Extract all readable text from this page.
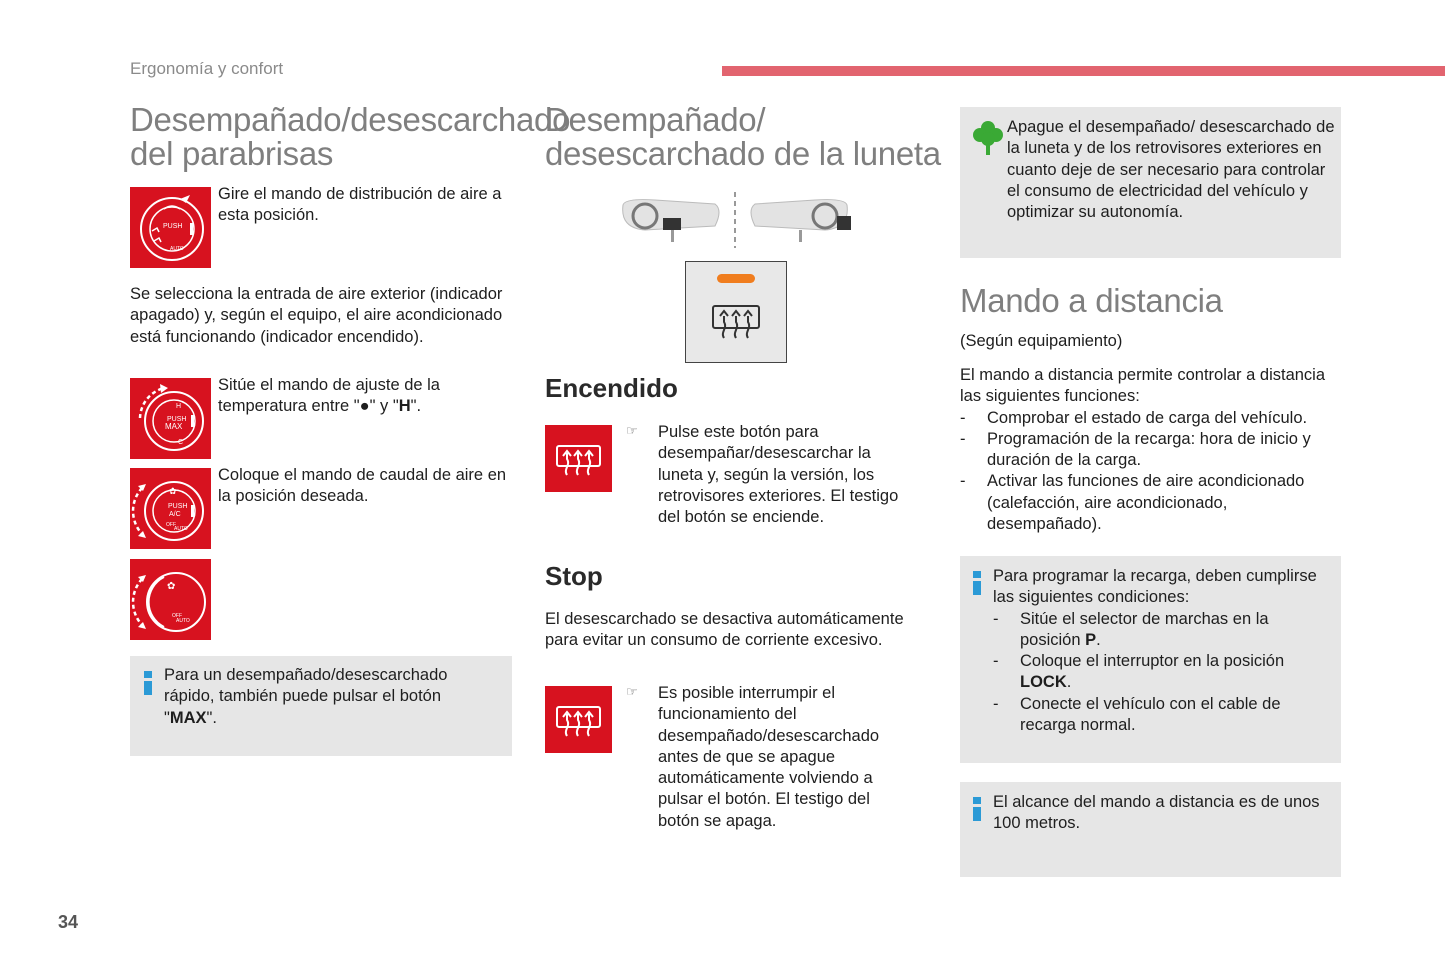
Ergonomía y confort
Desempañado/desescarchado
del parabrisas
PUSH
AUTO
Gire el mando de distribución de aire a esta posición.
Se selecciona la entrada de aire exterior (indicador apagado) y, según el equipo, el aire acondicionado está funcionando (indicador encendido).
H
PUSH
MAX
C
Sitúe el mando de ajuste de la temperatura entre "●" y "H".
✿
PUSH
A/C
OFF
AUTO
Coloque el mando de caudal de aire en la posición deseada.
✿
OFF
AUTO
Para un desempañado/desescarchado rápido, también puede pulsar el botón "MAX".
Desempañado/
desescarchado de la luneta
Encendido
☞ Pulse este botón para desempañar/desescarchar la luneta y, según la versión, los retrovisores exteriores. El testigo del botón se enciende.
Stop
El desescarchado se desactiva automáticamente para evitar un consumo de corriente excesivo.
☞ Es posible interrumpir el funcionamiento del desempañado/desescarchado antes de que se apague automáticamente volviendo a pulsar el botón. El testigo del botón se apaga.
Apague el desempañado/ desescarchado de la luneta y de los retrovisores exteriores en cuanto deje de ser necesario para controlar el consumo de electricidad del vehículo y optimizar su autonomía.
Mando a distancia
(Según equipamiento)
El mando a distancia permite controlar a distancia las siguientes funciones:
- Comprobar el estado de carga del vehículo.
- Programación de la recarga: hora de inicio y duración de la carga.
- Activar las funciones de aire acondicionado (calefacción, aire acondicionado, desempañado).
Para programar la recarga, deben cumplirse las siguientes condiciones:
- Sitúe el selector de marchas en la posición P.
- Coloque el interruptor en la posición LOCK.
- Conecte el vehículo con el cable de recarga normal.
El alcance del mando a distancia es de unos 100 metros.
34
